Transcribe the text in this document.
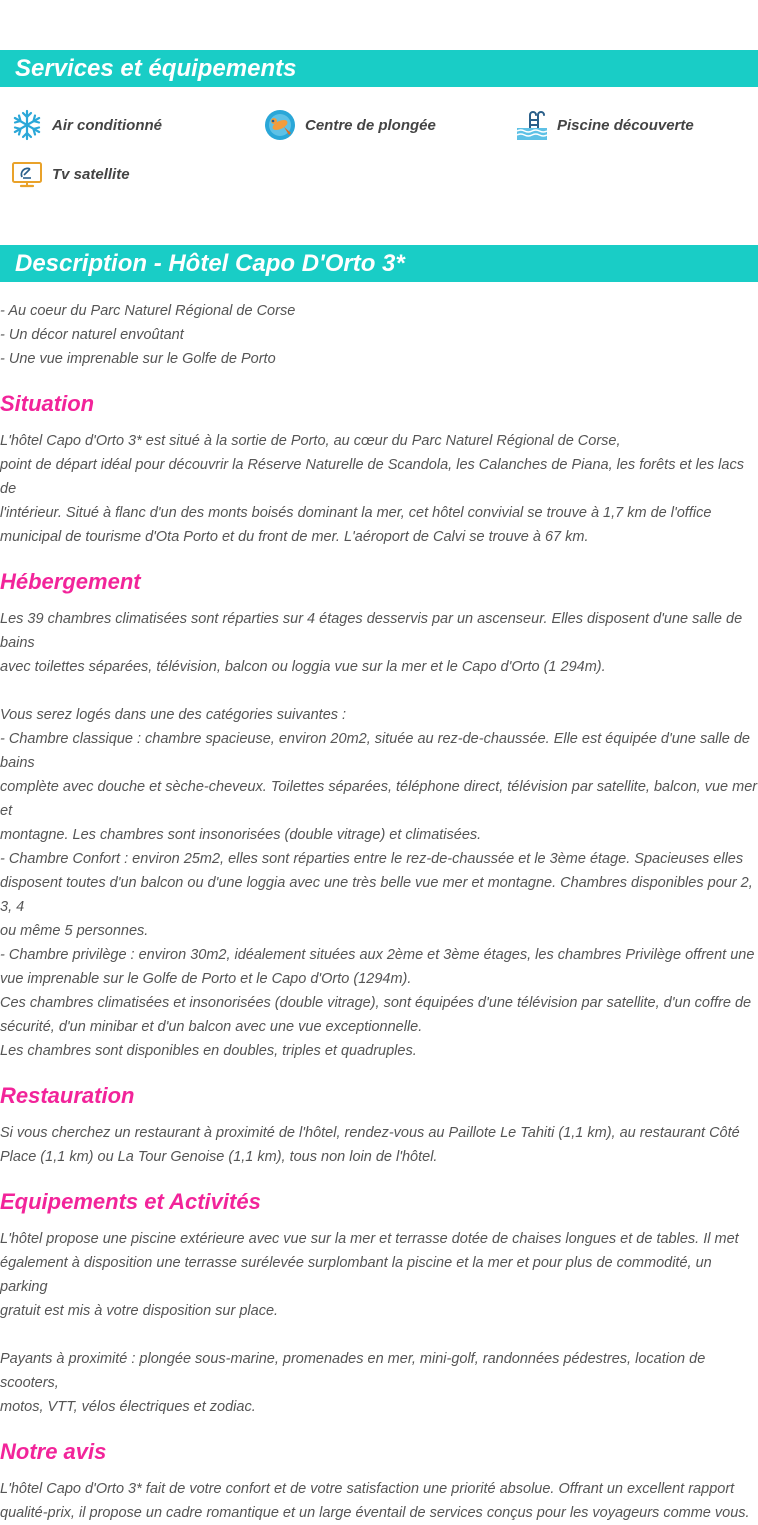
Services et équipements
Air conditionné	Centre de plongée	Piscine découverte
Tv satellite
Description - Hôtel Capo D'Orto 3*

- Au coeur du Parc Naturel Régional de Corse

- Un décor naturel envoûtant

- Une vue imprenable sur le Golfe de Porto

Situation

L'hôtel Capo d'Orto 3* est situé à la sortie de Porto, au cœur du Parc Naturel Régional de Corse,

point de départ idéal pour découvrir la Réserve Naturelle de Scandola, les Calanches de Piana, les forêts et les lacs de

l'intérieur. Situé à flanc d'un des monts boisés dominant la mer, cet hôtel convivial se trouve à 1,7 km de l'office

municipal de tourisme d'Ota Porto et du front de mer. L'aéroport de Calvi se trouve à 67 km.

Hébergement

Les 39 chambres climatisées sont réparties sur 4 étages desservis par un ascenseur. Elles disposent d'une salle de bains

avec toilettes séparées, télévision, balcon ou loggia vue sur la mer et le Capo d'Orto (1 294m).

Vous serez logés dans une des catégories suivantes :

- Chambre classique : chambre spacieuse, environ 20m2, située au rez-de-chaussée. Elle est équipée d'une salle de bains

complète avec douche et sèche-cheveux. Toilettes séparées, téléphone direct, télévision par satellite, balcon, vue mer et

montagne. Les chambres sont insonorisées (double vitrage) et climatisées.

- Chambre Confort : environ 25m2, elles sont réparties entre le rez-de-chaussée et le 3ème étage. Spacieuses elles

disposent toutes d'un balcon ou d'une loggia avec une très belle vue mer et montagne. Chambres disponibles pour 2, 3, 4

ou même 5 personnes.

- Chambre privilège : environ 30m2, idéalement situées aux 2ème et 3ème étages, les chambres Privilège offrent une

vue imprenable sur le Golfe de Porto et le Capo d'Orto (1294m).

Ces chambres climatisées et insonorisées (double vitrage), sont équipées d'une télévision par satellite, d'un coffre de

sécurité, d'un minibar et d'un balcon avec une vue exceptionnelle.

Les chambres sont disponibles en doubles, triples et quadruples.

Restauration

Si vous cherchez un restaurant à proximité de l'hôtel, rendez-vous au Paillote Le Tahiti (1,1 km), au restaurant Côté

Place (1,1 km) ou La Tour Genoise (1,1 km), tous non loin de l'hôtel.

Equipements et Activités

L'hôtel propose une piscine extérieure avec vue sur la mer et terrasse dotée de chaises longues et de tables. Il met

également à disposition une terrasse surélevée surplombant la piscine et la mer et pour plus de commodité, un parking

gratuit est mis à votre disposition sur place.

Payants à proximité : plongée sous-marine, promenades en mer, mini-golf, randonnées pédestres, location de scooters,

motos, VTT, vélos électriques et zodiac.

Notre avis

L'hôtel Capo d'Orto 3* fait de votre confort et de votre satisfaction une priorité absolue. Offrant un excellent rapport

qualité-prix, il propose un cadre romantique et un large éventail de services conçus pour les voyageurs comme vous.
